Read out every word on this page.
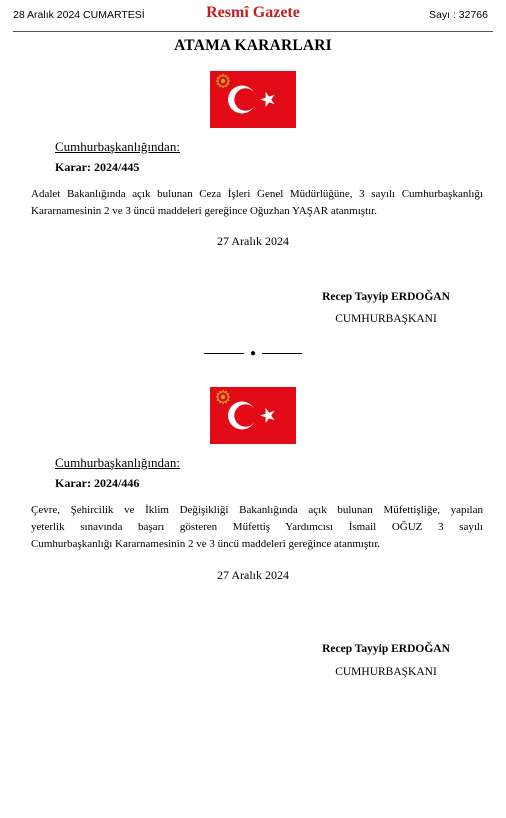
28 Aralık 2024 CUMARTESİ	Resmî Gazete	Sayı : 32766
ATAMA KARARLARI
Cumhurbaşkanlığından:
Karar: 2024/445
Adalet Bakanlığında açık bulunan Ceza İşleri Genel Müdürlüğüne, 3 sayılı Cumhurbaşkanlığı
Kararnamesinin 2 ve 3 üncü maddeleri gereğince Oğuzhan YAŞAR atanmıştır.
27 Aralık 2024
Recep Tayyip ERDOĞAN
CUMHURBAŞKANI
●
Cumhurbaşkanlığından:
Karar: 2024/446
Çevre, Şehircilik ve İklim Değişikliği Bakanlığında açık bulunan Müfettişliğe, yapılan
yeterlik sınavında başarı gösteren Müfettiş Yardımcısı İsmail OĞUZ 3 sayılı
Cumhurbaşkanlığı Kararnamesinin 2 ve 3 üncü maddeleri gereğince atanmıştır.
27 Aralık 2024
Recep Tayyip ERDOĞAN
CUMHURBAŞKANI
